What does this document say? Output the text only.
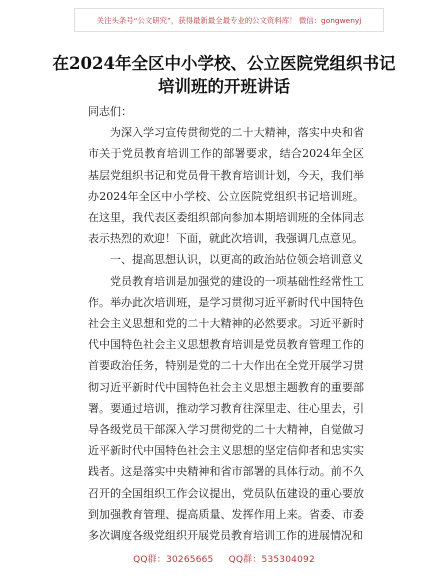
关注头条号“公文研究”，获得最新最全最专业的公文资料库！ 微信：gongwenyj
在2024年全区中小学校、公立医院党组织书记
培训班的开班讲话

同志们：

为深入学习宣传贯彻党的二十大精神，落实中央和省市关于党员教育培训工作的部署要求，结合2024年全区基层党组织书记和党员骨干教育培训计划，今天，我们举办2024年全区中小学校、公立医院党组织书记培训班。在这里，我代表区委组织部向参加本期培训班的全体同志表示热烈的欢迎！下面，就此次培训，我强调几点意见。

一、提高思想认识，以更高的政治站位领会培训意义

党员教育培训是加强党的建设的一项基础性经常性工作。举办此次培训班，是学习贯彻习近平新时代中国特色社会主义思想和党的二十大精神的必然要求。习近平新时代中国特色社会主义思想教育培训是党员教育管理工作的首要政治任务，特别是党的二十大作出在全党开展学习贯彻习近平新时代中国特色社会主义思想主题教育的重要部署。要通过培训，推动学习教育往深里走、往心里去，引导各级党员干部深入学习贯彻党的二十大精神，自觉做习近平新时代中国特色社会主义思想的坚定信仰者和忠实实践者。这是落实中央精神和省市部署的具体行动。前不久召开的全国组织工作会议提出，党员队伍建设的重心要放到加强教育管理、提高质量、发挥作用上来。省委、市委多次调度各级党组织开展党员教育培训工作的进展情况和

QQ群：30265665 QQ群：535304092
